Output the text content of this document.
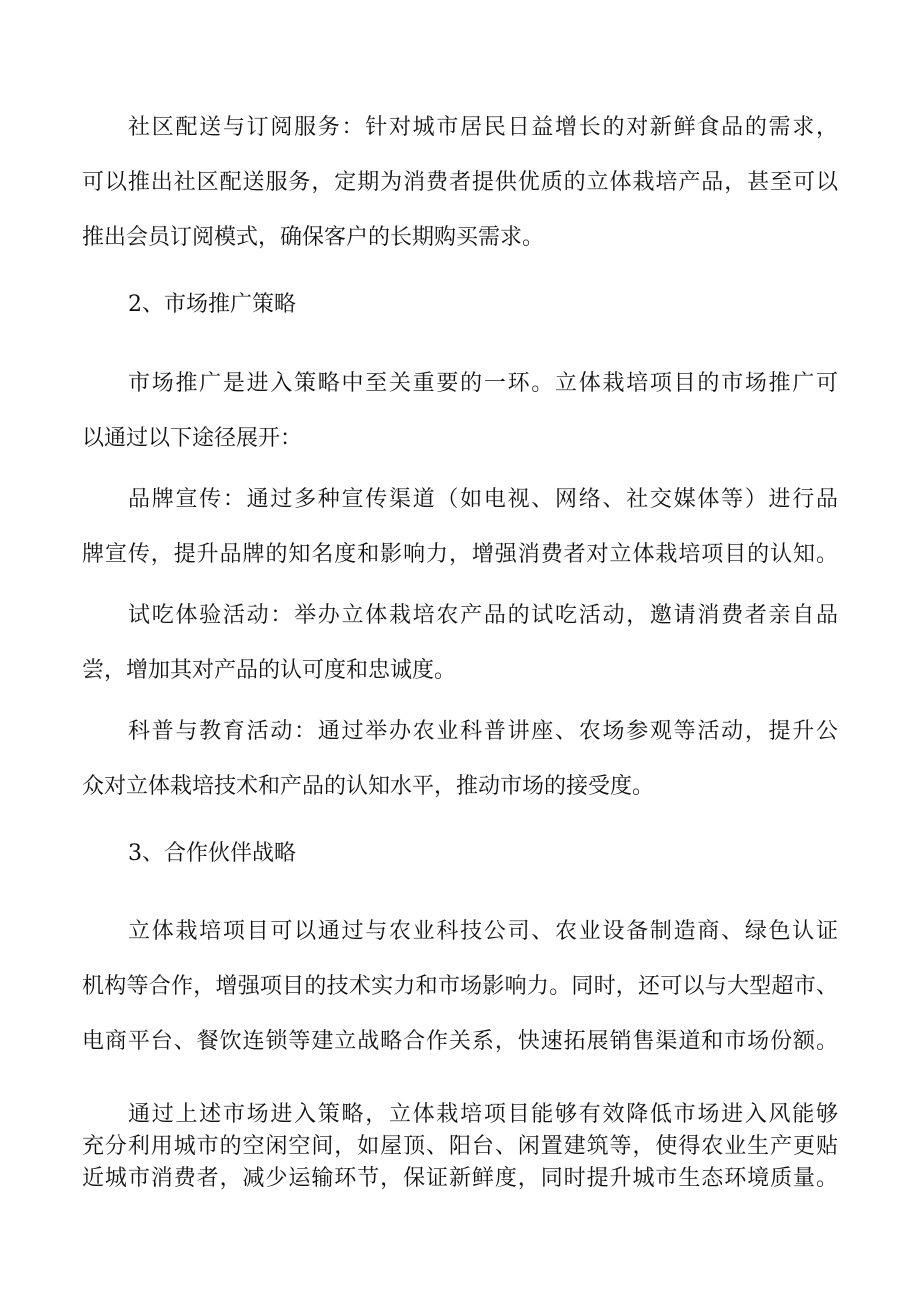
社区配送与订阅服务：针对城市居民日益增长的对新鲜食品的需求，
可以推出社区配送服务，定期为消费者提供优质的立体栽培产品，甚至可以
推出会员订阅模式，确保客户的长期购买需求。
2、市场推广策略
市场推广是进入策略中至关重要的一环。立体栽培项目的市场推广可
以通过以下途径展开：
品牌宣传：通过多种宣传渠道（如电视、网络、社交媒体等）进行品
牌宣传，提升品牌的知名度和影响力，增强消费者对立体栽培项目的认知。
试吃体验活动：举办立体栽培农产品的试吃活动，邀请消费者亲自品
尝，增加其对产品的认可度和忠诚度。
科普与教育活动：通过举办农业科普讲座、农场参观等活动，提升公
众对立体栽培技术和产品的认知水平，推动市场的接受度。
3、合作伙伴战略
立体栽培项目可以通过与农业科技公司、农业设备制造商、绿色认证
机构等合作，增强项目的技术实力和市场影响力。同时，还可以与大型超市、
电商平台、餐饮连锁等建立战略合作关系，快速拓展销售渠道和市场份额。
通过上述市场进入策略，立体栽培项目能够有效降低市场进入风能够
充分利用城市的空闲空间，如屋顶、阳台、闲置建筑等，使得农业生产更贴
近城市消费者，减少运输环节，保证新鲜度，同时提升城市生态环境质量。
